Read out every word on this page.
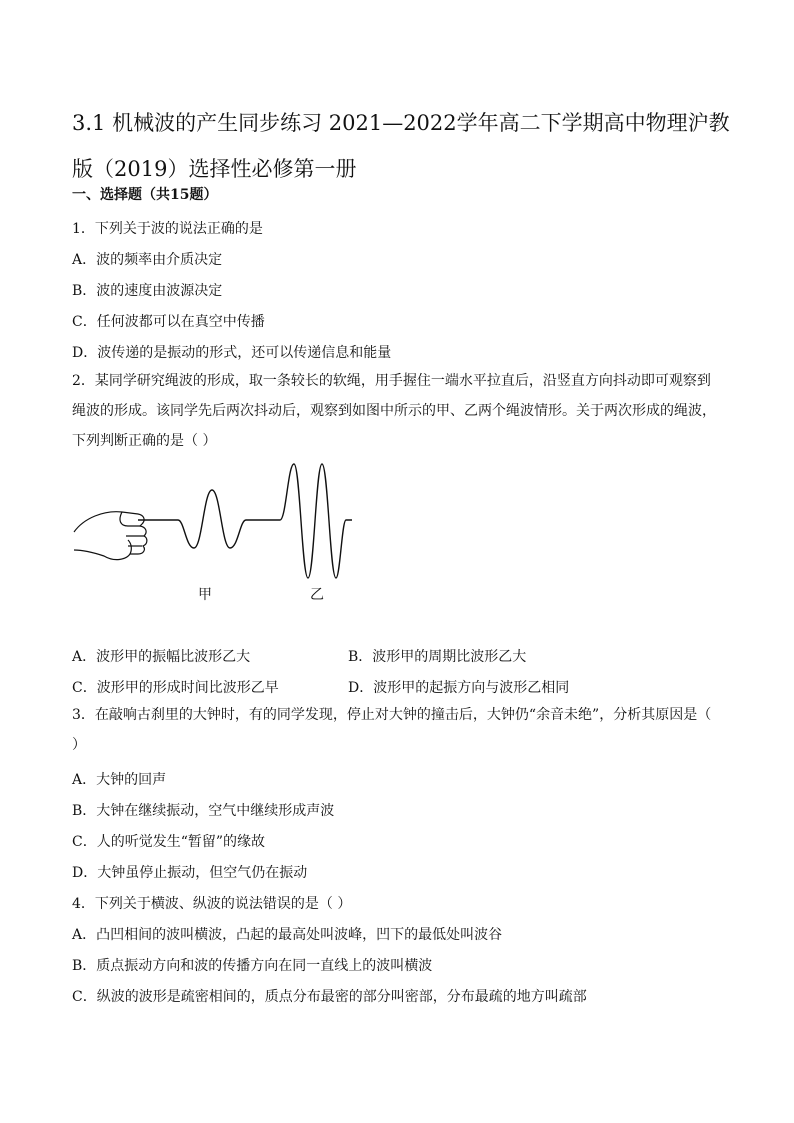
3.1 机械波的产生同步练习 2021—2022学年高二下学期高中物理沪教版（2019）选择性必修第一册
一、选择题（共15题）
1．下列关于波的说法正确的是
A．波的频率由介质决定
B．波的速度由波源决定
C．任何波都可以在真空中传播
D．波传递的是振动的形式，还可以传递信息和能量
2．某同学研究绳波的形成，取一条较长的软绳，用手握住一端水平拉直后，沿竖直方向抖动即可观察到绳波的形成。该同学先后两次抖动后，观察到如图中所示的甲、乙两个绳波情形。关于两次形成的绳波，下列判断正确的是（ ）
甲	乙
A．波形甲的振幅比波形乙大	B．波形甲的周期比波形乙大
C．波形甲的形成时间比波形乙早	D．波形甲的起振方向与波形乙相同
3．在敲响古刹里的大钟时，有的同学发现，停止对大钟的撞击后，大钟仍“余音未绝”，分析其原因是（ ）
A．大钟的回声
B．大钟在继续振动，空气中继续形成声波
C．人的听觉发生“暂留”的缘故
D．大钟虽停止振动，但空气仍在振动
4．下列关于横波、纵波的说法错误的是（ ）
A．凸凹相间的波叫横波，凸起的最高处叫波峰，凹下的最低处叫波谷
B．质点振动方向和波的传播方向在同一直线上的波叫横波
C．纵波的波形是疏密相间的，质点分布最密的部分叫密部，分布最疏的地方叫疏部
